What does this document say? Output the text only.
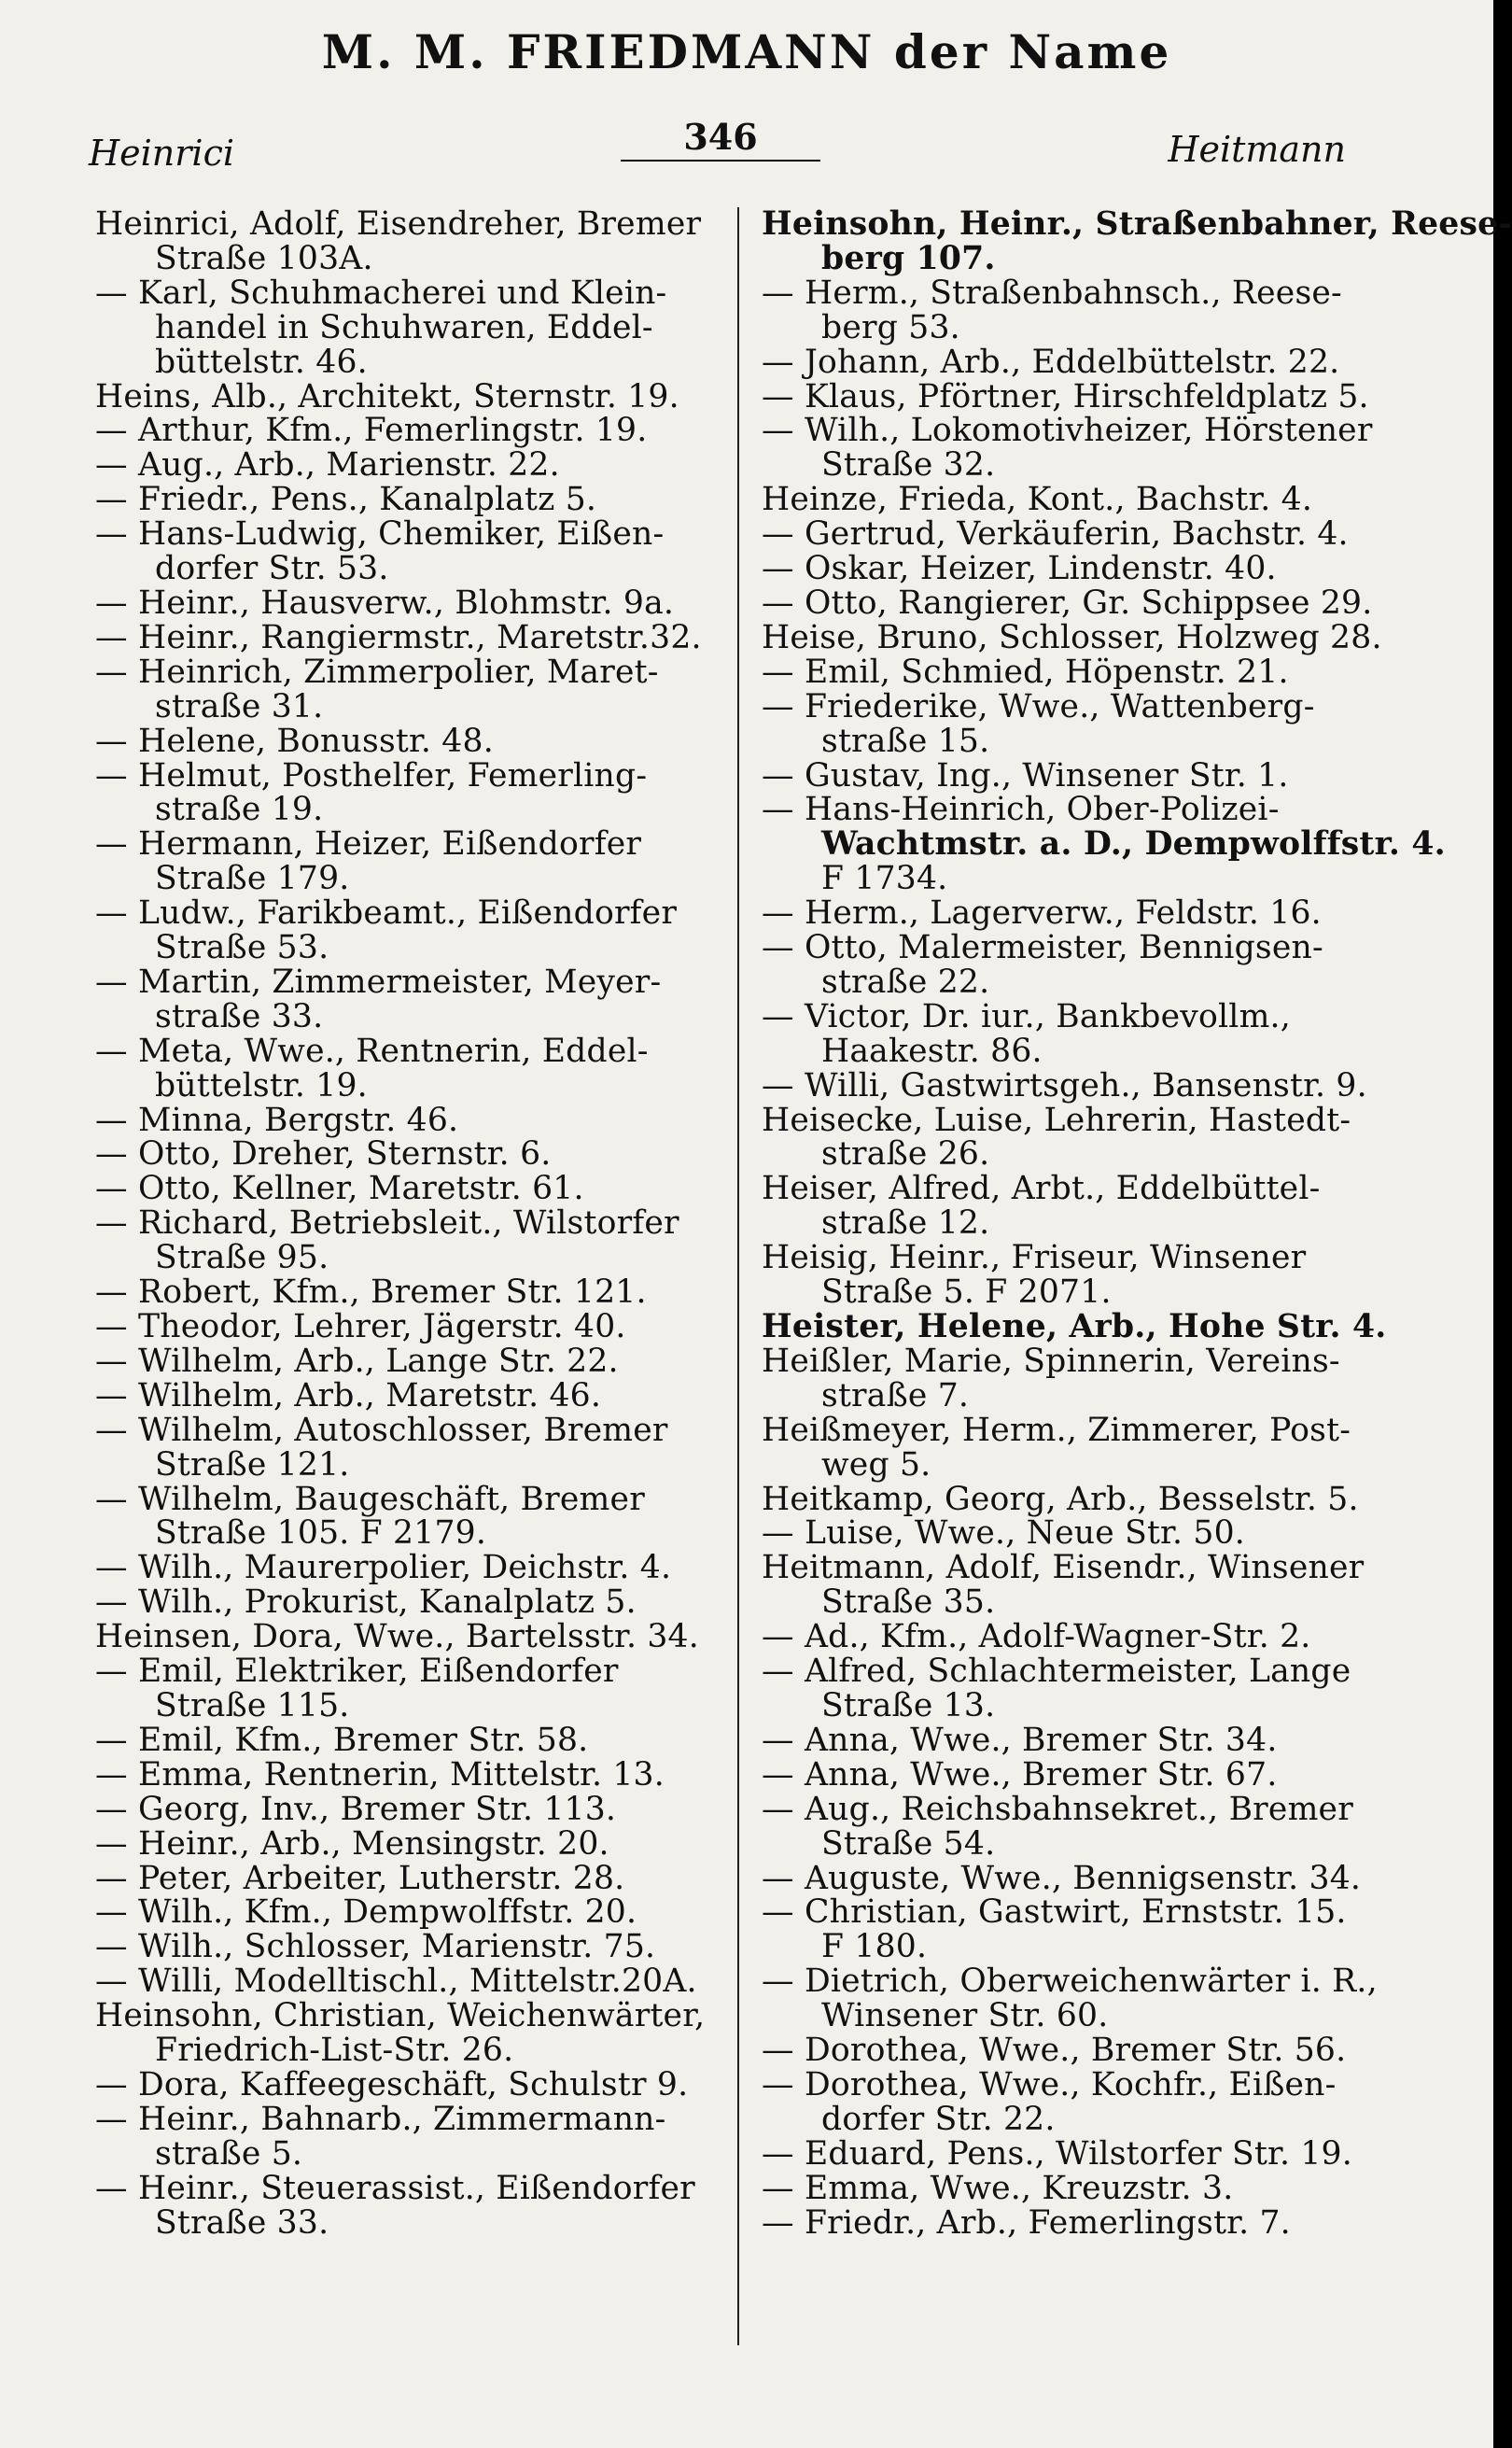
M. M. FRIEDMANN der Name
Heinrici	346	Heitmann
Heinrici, Adolf, Eisendreher, Bremer
Straße 103A.
— Karl, Schuhmacherei und Klein-
handel in Schuhwaren, Eddel-
büttelstr. 46.
Heins, Alb., Architekt, Sternstr. 19.
— Arthur, Kfm., Femerlingstr. 19.
— Aug., Arb., Marienstr. 22.
— Friedr., Pens., Kanalplatz 5.
— Hans-Ludwig, Chemiker, Eißen-
dorfer Str. 53.
— Heinr., Hausverw., Blohmstr. 9a.
— Heinr., Rangiermstr., Maretstr.32.
— Heinrich, Zimmerpolier, Maret-
straße 31.
— Helene, Bonusstr. 48.
— Helmut, Posthelfer, Femerling-
straße 19.
— Hermann, Heizer, Eißendorfer
Straße 179.
— Ludw., Farikbeamt., Eißendorfer
Straße 53.
— Martin, Zimmermeister, Meyer-
straße 33.
— Meta, Wwe., Rentnerin, Eddel-
büttelstr. 19.
— Minna, Bergstr. 46.
— Otto, Dreher, Sternstr. 6.
— Otto, Kellner, Maretstr. 61.
— Richard, Betriebsleit., Wilstorfer
Straße 95.
— Robert, Kfm., Bremer Str. 121.
— Theodor, Lehrer, Jägerstr. 40.
— Wilhelm, Arb., Lange Str. 22.
— Wilhelm, Arb., Maretstr. 46.
— Wilhelm, Autoschlosser, Bremer
Straße 121.
— Wilhelm, Baugeschäft, Bremer
Straße 105. F 2179.
— Wilh., Maurerpolier, Deichstr. 4.
— Wilh., Prokurist, Kanalplatz 5.
Heinsen, Dora, Wwe., Bartelsstr. 34.
— Emil, Elektriker, Eißendorfer
Straße 115.
— Emil, Kfm., Bremer Str. 58.
— Emma, Rentnerin, Mittelstr. 13.
— Georg, Inv., Bremer Str. 113.
— Heinr., Arb., Mensingstr. 20.
— Peter, Arbeiter, Lutherstr. 28.
— Wilh., Kfm., Dempwolffstr. 20.
— Wilh., Schlosser, Marienstr. 75.
— Willi, Modelltischl., Mittelstr.20A.
Heinsohn, Christian, Weichenwärter,
Friedrich-List-Str. 26.
— Dora, Kaffeegeschäft, Schulstr 9.
— Heinr., Bahnarb., Zimmermann-
straße 5.
— Heinr., Steuerassist., Eißendorfer
Straße 33.
Heinsohn, Heinr., Straßenbahner, Reese-
berg 107.
— Herm., Straßenbahnsch., Reese-
berg 53.
— Johann, Arb., Eddelbüttelstr. 22.
— Klaus, Pförtner, Hirschfeldplatz 5.
— Wilh., Lokomotivheizer, Hörstener
Straße 32.
Heinze, Frieda, Kont., Bachstr. 4.
— Gertrud, Verkäuferin, Bachstr. 4.
— Oskar, Heizer, Lindenstr. 40.
— Otto, Rangierer, Gr. Schippsee 29.
Heise, Bruno, Schlosser, Holzweg 28.
— Emil, Schmied, Höpenstr. 21.
— Friederike, Wwe., Wattenberg-
straße 15.
— Gustav, Ing., Winsener Str. 1.
— Hans-Heinrich, Ober-Polizei-
Wachtmstr. a. D., Dempwolffstr. 4.
F 1734.
— Herm., Lagerverw., Feldstr. 16.
— Otto, Malermeister, Bennigsen-
straße 22.
— Victor, Dr. iur., Bankbevollm.,
Haakestr. 86.
— Willi, Gastwirtsgeh., Bansenstr. 9.
Heisecke, Luise, Lehrerin, Hastedt-
straße 26.
Heiser, Alfred, Arbt., Eddelbüttel-
straße 12.
Heisig, Heinr., Friseur, Winsener
Straße 5. F 2071.
Heister, Helene, Arb., Hohe Str. 4.
Heißler, Marie, Spinnerin, Vereins-
straße 7.
Heißmeyer, Herm., Zimmerer, Post-
weg 5.
Heitkamp, Georg, Arb., Besselstr. 5.
— Luise, Wwe., Neue Str. 50.
Heitmann, Adolf, Eisendr., Winsener
Straße 35.
— Ad., Kfm., Adolf-Wagner-Str. 2.
— Alfred, Schlachtermeister, Lange
Straße 13.
— Anna, Wwe., Bremer Str. 34.
— Anna, Wwe., Bremer Str. 67.
— Aug., Reichsbahnsekret., Bremer
Straße 54.
— Auguste, Wwe., Bennigsenstr. 34.
— Christian, Gastwirt, Ernststr. 15.
F 180.
— Dietrich, Oberweichenwärter i. R.,
Winsener Str. 60.
— Dorothea, Wwe., Bremer Str. 56.
— Dorothea, Wwe., Kochfr., Eißen-
dorfer Str. 22.
— Eduard, Pens., Wilstorfer Str. 19.
— Emma, Wwe., Kreuzstr. 3.
— Friedr., Arb., Femerlingstr. 7.
